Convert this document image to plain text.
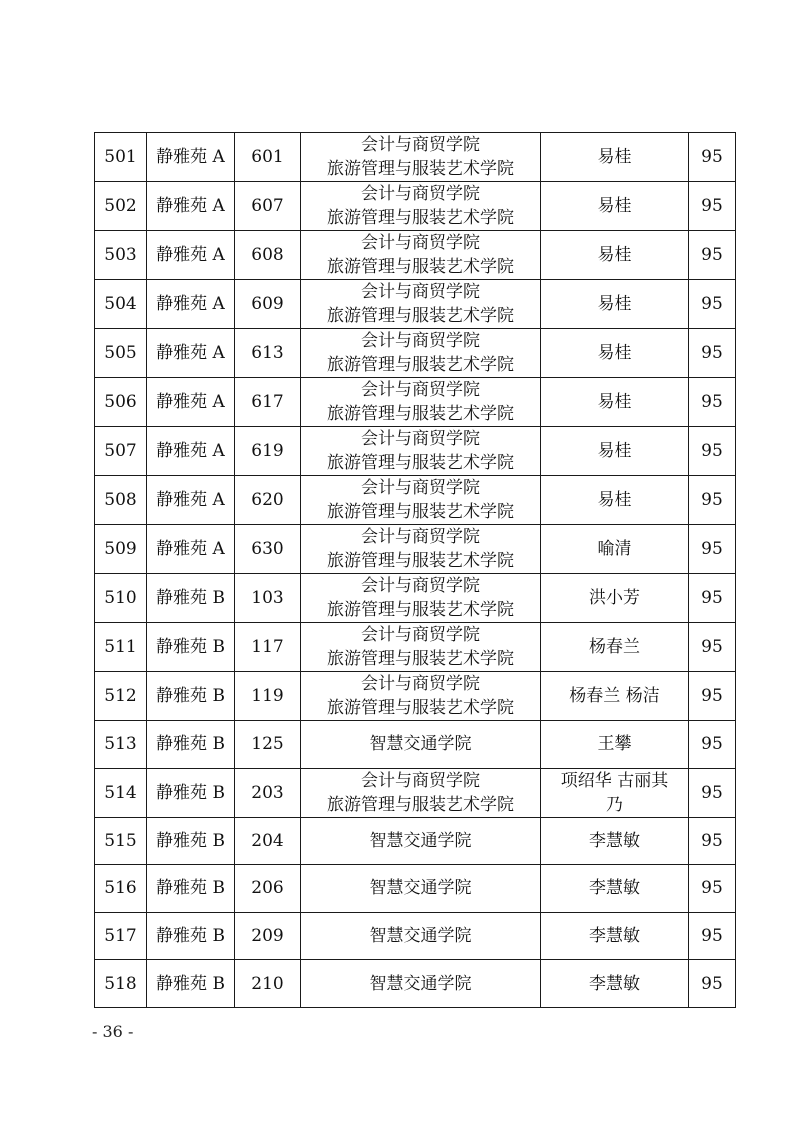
501	静雅苑 A	601	会计与商贸学院
旅游管理与服装艺术学院	易桂	95
502	静雅苑 A	607	会计与商贸学院
旅游管理与服装艺术学院	易桂	95
503	静雅苑 A	608	会计与商贸学院
旅游管理与服装艺术学院	易桂	95
504	静雅苑 A	609	会计与商贸学院
旅游管理与服装艺术学院	易桂	95
505	静雅苑 A	613	会计与商贸学院
旅游管理与服装艺术学院	易桂	95
506	静雅苑 A	617	会计与商贸学院
旅游管理与服装艺术学院	易桂	95
507	静雅苑 A	619	会计与商贸学院
旅游管理与服装艺术学院	易桂	95
508	静雅苑 A	620	会计与商贸学院
旅游管理与服装艺术学院	易桂	95
509	静雅苑 A	630	会计与商贸学院
旅游管理与服装艺术学院	喻清	95
510	静雅苑 B	103	会计与商贸学院
旅游管理与服装艺术学院	洪小芳	95
511	静雅苑 B	117	会计与商贸学院
旅游管理与服装艺术学院	杨春兰	95
512	静雅苑 B	119	会计与商贸学院
旅游管理与服装艺术学院	杨春兰 杨洁	95
513	静雅苑 B	125	智慧交通学院	王攀	95
514	静雅苑 B	203	会计与商贸学院
旅游管理与服装艺术学院	项绍华 古丽其
乃	95
515	静雅苑 B	204	智慧交通学院	李慧敏	95
516	静雅苑 B	206	智慧交通学院	李慧敏	95
517	静雅苑 B	209	智慧交通学院	李慧敏	95
518	静雅苑 B	210	智慧交通学院	李慧敏	95
- 36 -
